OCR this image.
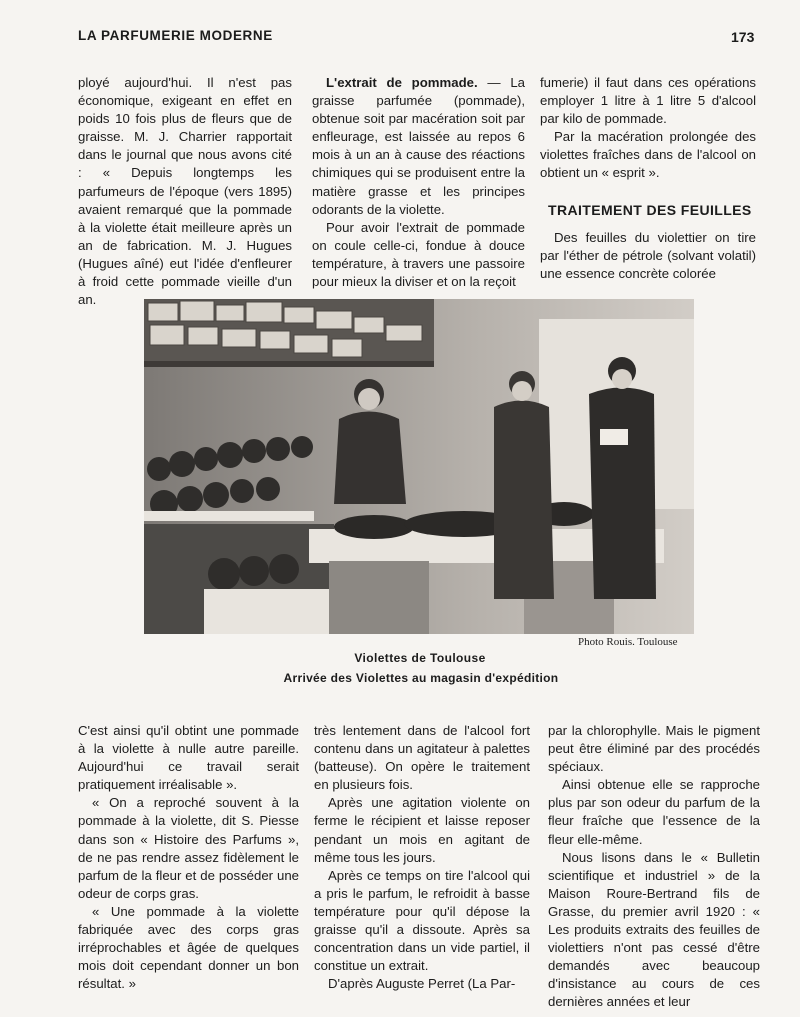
LA PARFUMERIE MODERNE	173

ployé aujourd'hui. Il n'est pas économique, exigeant en effet en poids 10 fois plus de fleurs que de graisse. M. J. Charrier rapportait dans le journal que nous avons cité : « Depuis longtemps les parfumeurs de l'époque (vers 1895) avaient remarqué que la pommade à la violette était meilleure après un an de fabrication. M. J. Hugues (Hugues aîné) eut l'idée d'enfleurer à froid cette pommade vieille d'un an.

L'extrait de pommade. — La graisse parfumée (pommade), obtenue soit par macération soit par enfleurage, est laissée au repos 6 mois à un an à cause des réactions chimiques qui se produisent entre la matière grasse et les principes odorants de la violette.

Pour avoir l'extrait de pommade on coule celle-ci, fondue à douce température, à travers une passoire pour mieux la diviser et on la reçoit

fumerie) il faut dans ces opérations employer 1 litre à 1 litre 5 d'alcool par kilo de pommade.

Par la macération prolongée des violettes fraîches dans de l'alcool on obtient un « esprit ».

TRAITEMENT DES FEUILLES

Des feuilles du violettier on tire par l'éther de pétrole (solvant volatil) une essence concrète colorée

Photo Rouis. Toulouse
Violettes de Toulouse
Arrivée des Violettes au magasin d'expédition

C'est ainsi qu'il obtint une pommade à la violette à nulle autre pareille. Aujourd'hui ce travail serait pratiquement irréalisable ».

« On a reproché souvent à la pommade à la violette, dit S. Piesse dans son « Histoire des Parfums », de ne pas rendre assez fidèlement le parfum de la fleur et de posséder une odeur de corps gras.

« Une pommade à la violette fabriquée avec des corps gras irréprochables et âgée de quelques mois doit cependant donner un bon résultat. »

très lentement dans de l'alcool fort contenu dans un agitateur à palettes (batteuse). On opère le traitement en plusieurs fois.

Après une agitation violente on ferme le récipient et laisse reposer pendant un mois en agitant de même tous les jours.

Après ce temps on tire l'alcool qui a pris le parfum, le refroidit à basse température pour qu'il dépose la graisse qu'il a dissoute. Après sa concentration dans un vide partiel, il constitue un extrait.

D'après Auguste Perret (La Par-

par la chlorophylle. Mais le pigment peut être éliminé par des procédés spéciaux.

Ainsi obtenue elle se rapproche plus par son odeur du parfum de la fleur fraîche que l'essence de la fleur elle-même.

Nous lisons dans le « Bulletin scientifique et industriel » de la Maison Roure-Bertrand fils de Grasse, du premier avril 1920 : « Les produits extraits des feuilles de violettiers n'ont pas cessé d'être demandés avec beaucoup d'insistance au cours de ces dernières années et leur
